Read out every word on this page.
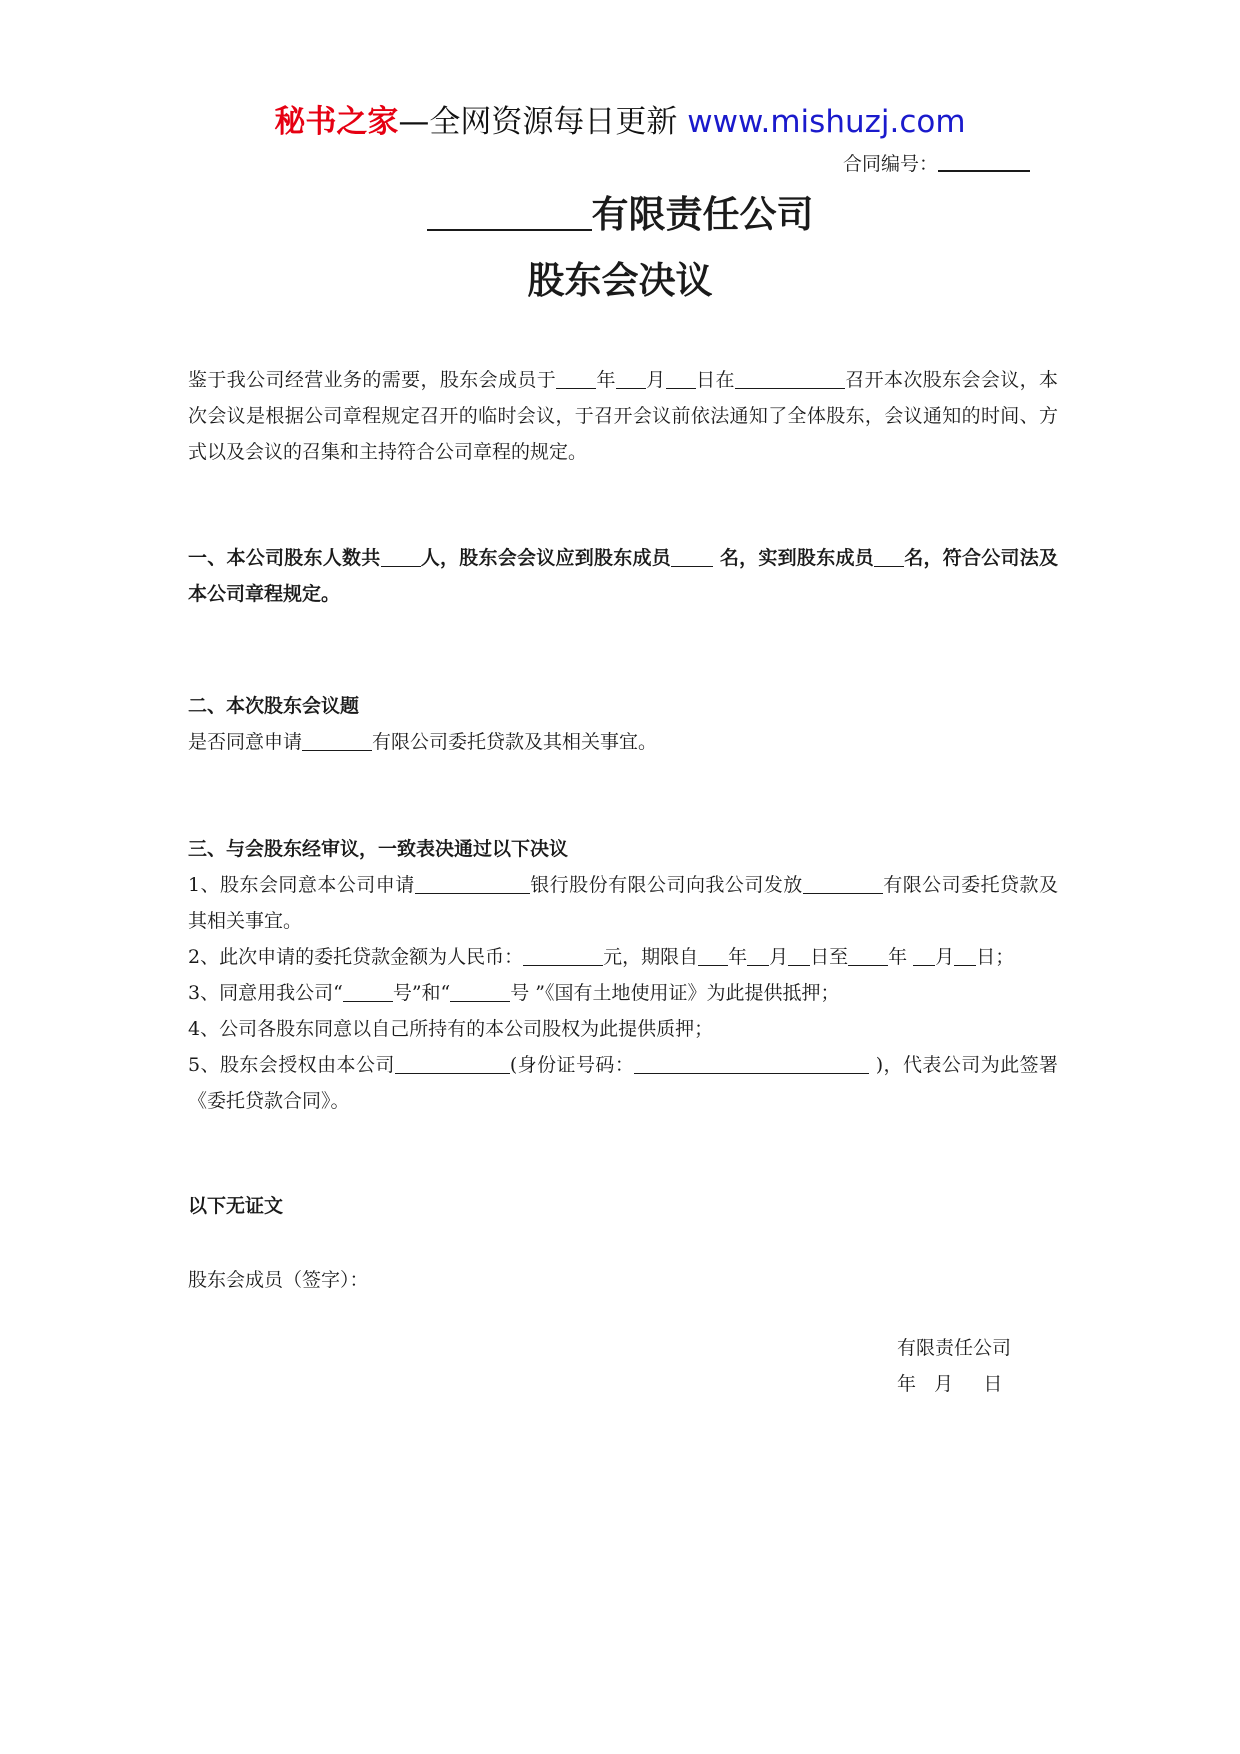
秘书之家—全网资源每日更新 www.mishuzj.com
合同编号：
有限责任公司
股东会决议

鉴于我公司经营业务的需要，股东会成员于 年 月 日在	召开本次股东会会议，本次会议是根据公司章程规定召开的临时会议，于召开会议前依法通知了全体股东，会议通知的时间、方式以及会议的召集和主持符合公司章程的规定。

一、本公司股东人数共 人，股东会会议应到股东成员 名，实到股东成员 名，符合公司法及本公司章程规定。

二、本次股东会议题

是否同意申请	有限公司委托贷款及其相关事宜。

三、与会股东经审议，一致表决通过以下决议

1、股东会同意本公司申请	银行股份有限公司向我公司发放	有限公司委托贷款及其相关事宜。

2、此次申请的委托贷款金额为人民币：	元，期限自 年 月 日至 年 月 日；

3、同意用我公司“	号”和“	号 ”《国有土地使用证》为此提供抵押；

4、公司各股东同意以自己所持有的本公司股权为此提供质押；

5、股东会授权由本公司	(身份证号码：	)，代表公司为此签署《委托贷款合同》。

以下无证文
股东会成员（签字）：
有限责任公司
年   月     日
